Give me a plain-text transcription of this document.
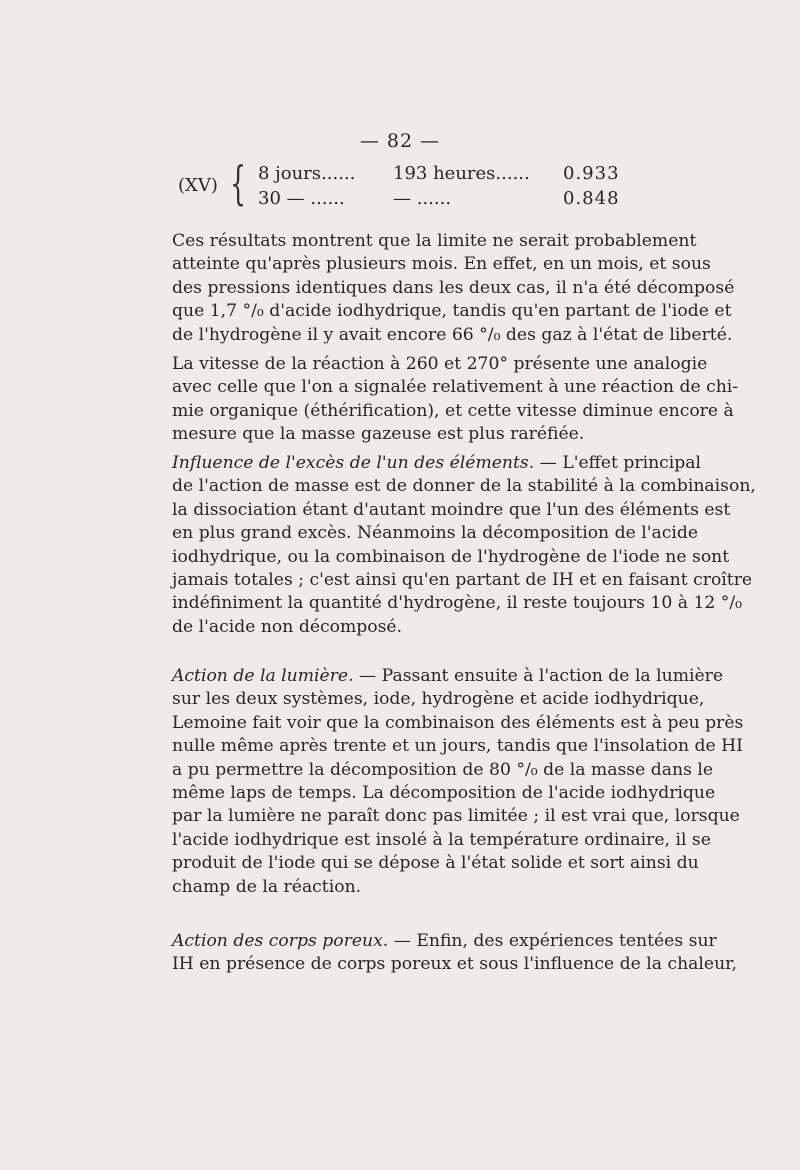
— 82 —
(XV) { 8 jours...... 193 heures...... 0.933
30 — ......	— ......	0.848
Ces résultats montrent que la limite ne serait probablement
atteinte qu'après plusieurs mois. En effet, en un mois, et sous
des pressions identiques dans les deux cas, il n'a été décomposé
que 1,7 °/₀ d'acide iodhydrique, tandis qu'en partant de l'iode et
de l'hydrogène il y avait encore 66 °/₀ des gaz à l'état de liberté.
La vitesse de la réaction à 260 et 270° présente une analogie
avec celle que l'on a signalée relativement à une réaction de chi-
mie organique (éthérification), et cette vitesse diminue encore à
mesure que la masse gazeuse est plus raréfiée.
Influence de l'excès de l'un des éléments. — L'effet principal
de l'action de masse est de donner de la stabilité à la combinaison,
la dissociation étant d'autant moindre que l'un des éléments est
en plus grand excès. Néanmoins la décomposition de l'acide
iodhydrique, ou la combinaison de l'hydrogène de l'iode ne sont
jamais totales ; c'est ainsi qu'en partant de IH et en faisant croître
indéfiniment la quantité d'hydrogène, il reste toujours 10 à 12 °/₀
de l'acide non décomposé.
Action de la lumière. — Passant ensuite à l'action de la lumière
sur les deux systèmes, iode, hydrogène et acide iodhydrique,
Lemoine fait voir que la combinaison des éléments est à peu près
nulle même après trente et un jours, tandis que l'insolation de HI
a pu permettre la décomposition de 80 °/₀ de la masse dans le
même laps de temps. La décomposition de l'acide iodhydrique
par la lumière ne paraît donc pas limitée ; il est vrai que, lorsque
l'acide iodhydrique est insolé à la température ordinaire, il se
produit de l'iode qui se dépose à l'état solide et sort ainsi du
champ de la réaction.
Action des corps poreux. — Enfin, des expériences tentées sur
IH en présence de corps poreux et sous l'influence de la chaleur,
